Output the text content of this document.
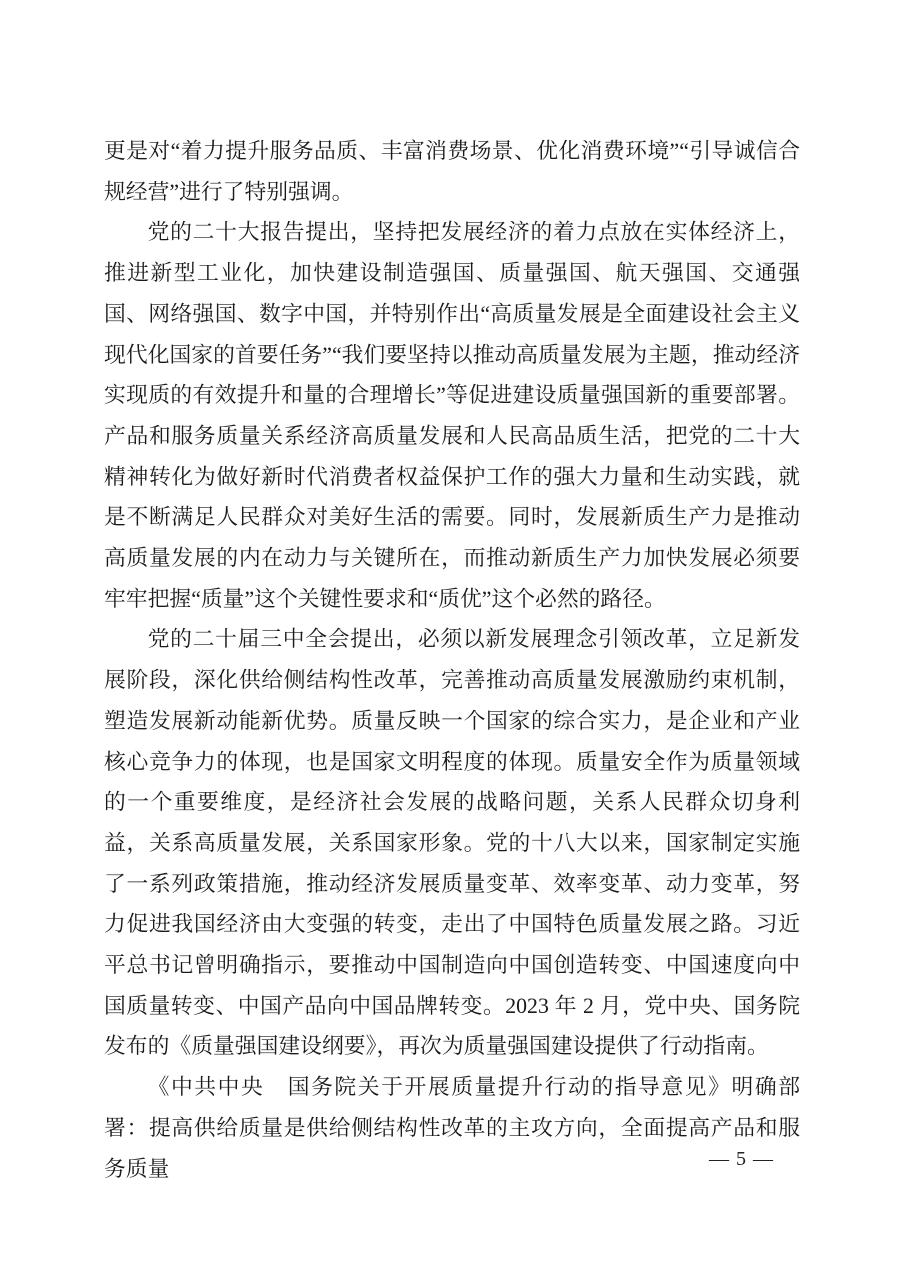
更是对“着力提升服务品质、丰富消费场景、优化消费环境”“引导诚信合规经营”进行了特别强调。

党的二十大报告提出，坚持把发展经济的着力点放在实体经济上，推进新型工业化，加快建设制造强国、质量强国、航天强国、交通强国、网络强国、数字中国，并特别作出“高质量发展是全面建设社会主义现代化国家的首要任务”“我们要坚持以推动高质量发展为主题，推动经济实现质的有效提升和量的合理增长”等促进建设质量强国新的重要部署。产品和服务质量关系经济高质量发展和人民高品质生活，把党的二十大精神转化为做好新时代消费者权益保护工作的强大力量和生动实践，就是不断满足人民群众对美好生活的需要。同时，发展新质生产力是推动高质量发展的内在动力与关键所在，而推动新质生产力加快发展必须要牢牢把握“质量”这个关键性要求和“质优”这个必然的路径。

党的二十届三中全会提出，必须以新发展理念引领改革，立足新发展阶段，深化供给侧结构性改革，完善推动高质量发展激励约束机制，塑造发展新动能新优势。质量反映一个国家的综合实力，是企业和产业核心竞争力的体现，也是国家文明程度的体现。质量安全作为质量领域的一个重要维度，是经济社会发展的战略问题，关系人民群众切身利益，关系高质量发展，关系国家形象。党的十八大以来，国家制定实施了一系列政策措施，推动经济发展质量变革、效率变革、动力变革，努力促进我国经济由大变强的转变，走出了中国特色质量发展之路。习近平总书记曾明确指示，要推动中国制造向中国创造转变、中国速度向中国质量转变、中国产品向中国品牌转变。2023 年 2 月，党中央、国务院发布的《质量强国建设纲要》，再次为质量强国建设提供了行动指南。

《中共中央　国务院关于开展质量提升行动的指导意见》明确部署：提高供给质量是供给侧结构性改革的主攻方向，全面提高产品和服务质量	— 5 —
